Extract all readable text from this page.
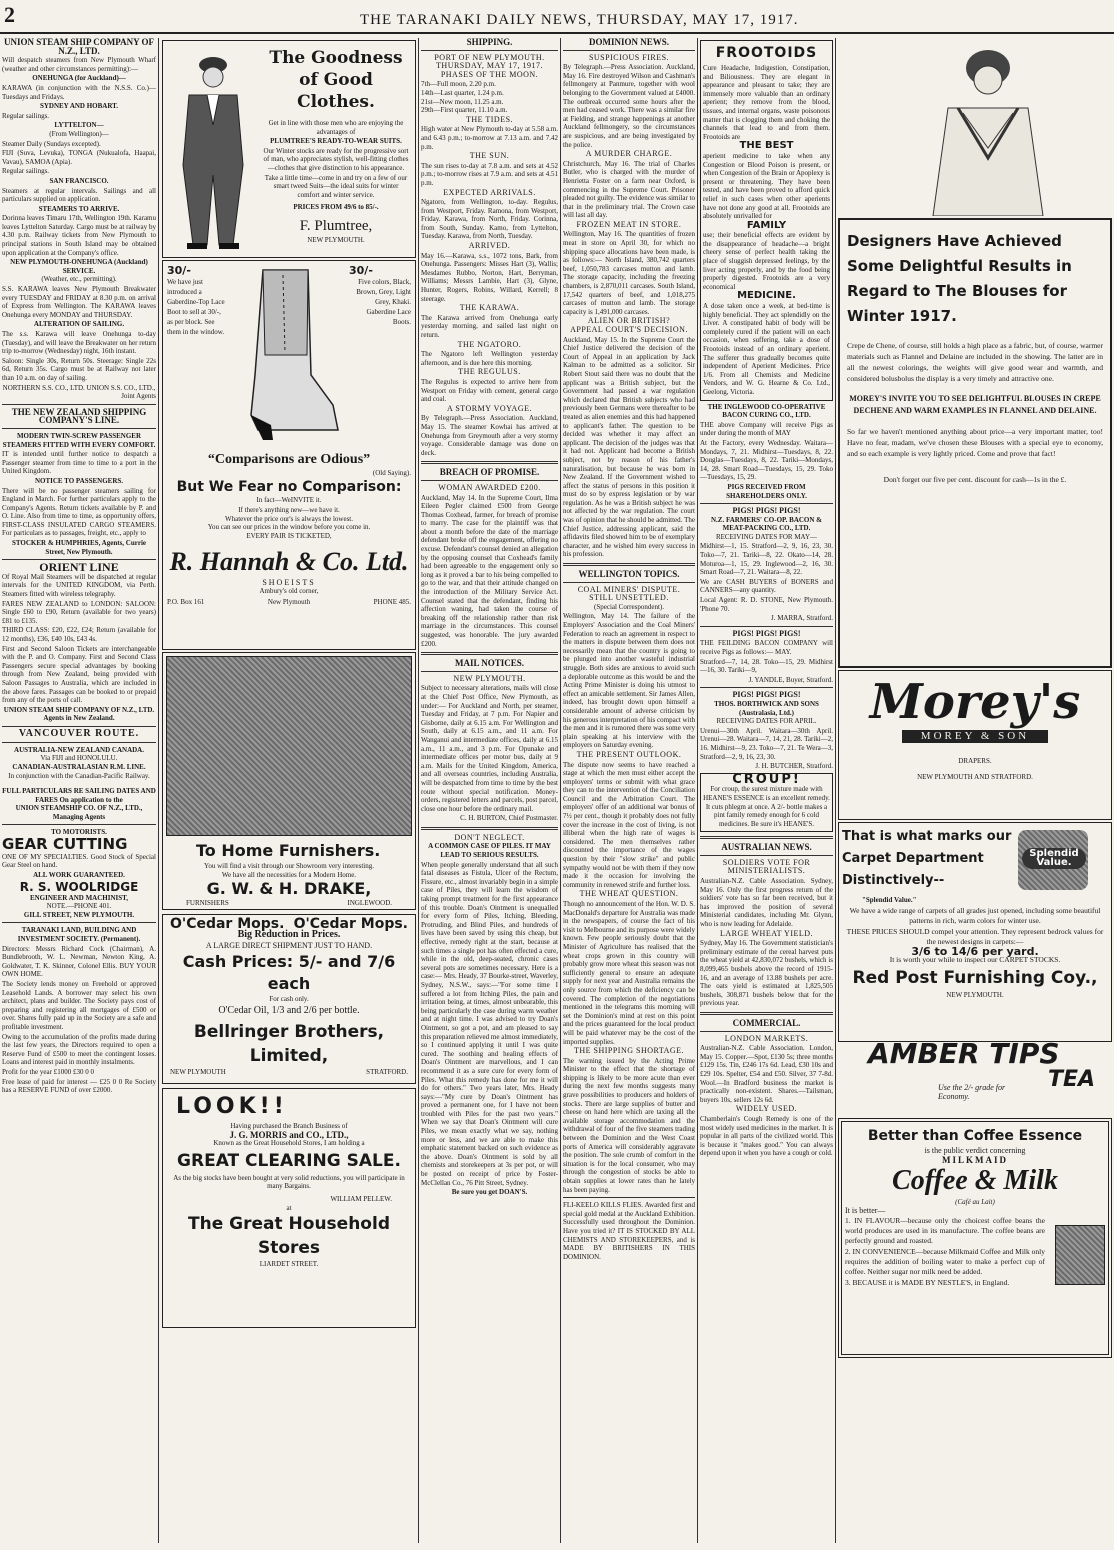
2	THE TARANAKI DAILY NEWS, THURSDAY, MAY 17, 1917.
UNION STEAM SHIP COMPANY OF N.Z., LTD.

Will despatch steamers from New Plymouth Wharf (weather and other circumstances permitting):—

ONEHUNGA (for Auckland)—

KARAWA (in conjunction with the N.S.S. Co.)—Tuesdays and Fridays.

SYDNEY AND HOBART.

Regular sailings.

LYTTELTON—
(From Wellington)—

Steamer Daily (Sundays excepted).

FIJI (Suva, Levuka), TONGA (Nukualofa, Haapai, Vavau), SAMOA (Apia).

Regular sailings.

SAN FRANCISCO.

Steamers at regular intervals. Sailings and all particulars supplied on application.

STEAMERS TO ARRIVE.

Dorinna leaves Timaru 17th, Wellington 19th. Karamu leaves Lyttelton Saturday. Cargo must be at railway by 4.30 p.m. Railway tickets from New Plymouth to principal stations in South Island may be obtained upon application at the Company's office.

NEW PLYMOUTH-ONEHUNGA (Auckland) SERVICE.
(Weather, etc., permitting).

S.S. KARAWA leaves New Plymouth Breakwater every TUESDAY and FRIDAY at 8.30 p.m. on arrival of Express from Wellington. The KARAWA leaves Onehunga every MONDAY and THURSDAY.

ALTERATION OF SAILING.

The s.s. Karawa will leave Onehunga to-day (Tuesday), and will leave the Breakwater on her return trip to-morrow (Wednesday) night, 16th instant.

Saloon: Single 30s, Return 50s. Steerage: Single 22s 6d, Return 35s. Cargo must be at Railway not later than 10 a.m. on day of sailing.

NORTHERN S.S. CO., LTD. UNION S.S. CO., LTD.,
Joint Agents
THE NEW ZEALAND SHIPPING COMPANY'S LINE.
MODERN TWIN-SCREW PASSENGER STEAMERS FITTED WITH EVERY COMFORT.

IT is intended until further notice to despatch a Passenger steamer from time to time to a port in the United Kingdom.

NOTICE TO PASSENGERS.

There will be no passenger steamers sailing for England in March. For further particulars apply to the Company's Agents. Return tickets available by P. and O. Line. Also from time to time, as opportunity offers, FIRST-CLASS INSULATED CARGO STEAMERS. For particulars as to passages, freight, etc., apply to

STOCKER & HUMPHRIES, Agents, Currie Street, New Plymouth.
ORIENT LINE

Of Royal Mail Steamers will be dispatched at regular intervals for the UNITED KINGDOM, via Perth. Steamers fitted with wireless telegraphy.

FARES NEW ZEALAND to LONDON: SALOON: Single £60 to £90, Return (available for two years) £81 to £135.

THIRD CLASS: £20, £22, £24; Return (available for 12 months), £36, £40 10s, £43 4s.

First and Second Saloon Tickets are interchangeable with the P. and O. Company. First and Second Class Passengers secure special advantages by booking through from New Zealand, being provided with Saloon Passages to Australia, which are included in the above fares. Passages can be booked to or prepaid from any of the ports of call.

UNION STEAM SHIP COMPANY OF N.Z., LTD. Agents in New Zealand.
VANCOUVER ROUTE.
AUSTRALIA-NEW ZEALAND CANADA.
Via FIJI and HONOLULU.
CANADIAN-AUSTRALASIAN R.M. LINE.

In conjunction with the Canadian-Pacific Railway.

FULL PARTICULARS RE SAILING DATES AND FARES On application to the
UNION STEAMSHIP CO. OF N.Z., LTD., Managing Agents
TO MOTORISTS.
GEAR CUTTING

ONE OF MY SPECIALTIES. Good Stock of Special Gear Steel on hand.

ALL WORK GUARANTEED.
R. S. WOOLRIDGE
ENGINEER AND MACHINIST,
NOTE.—PHONE 401.
GILL STREET, NEW PLYMOUTH.
TARANAKI LAND, BUILDING AND INVESTMENT SOCIETY. (Permanent).

Directors: Messrs Richard Cock (Chairman), A. Bundlebrooth, W. L. Newman, Newton King, A. Goldwater, T. K. Skinner, Colonel Ellis. BUY YOUR OWN HOME.

The Society lends money on Freehold or approved Leasehold Lands. A borrower may select his own architect, plans and builder. The Society pays cost of preparing and registering all mortgages of £500 or over. Shares fully paid up in the Society are a safe and profitable investment.

Owing to the accumulation of the profits made during the last few years, the Directors required to open a Reserve Fund of £500 to meet the contingent losses. Loans and interest paid in monthly instalments.

Profit for the year £1000 £30 0 0

Free lease of paid for interest — £25 0 0 Re Society has a RESERVE FUND of over £2000.

The Goodness of Good Clothes.

Get in line with those men who are enjoying the advantages of

PLUMTREE'S READY-TO-WEAR SUITS.

Our Winter stocks are ready for the progressive sort of man, who appreciates stylish, well-fitting clothes—clothes that give distinction to his appearance.

Take a little time—come in and try on a few of our smart tweed Suits—the ideal suits for winter comfort and winter service.

PRICES FROM 49/6 to 85/-.
F. Plumtree,
NEW PLYMOUTH.
30/-

We have just introduced a Gaberdine-Top Lace Boot to sell at 30/-, as per block. See them in the window.

30/-

Five colors, Black, Brown, Grey, Light Grey, Khaki. Gaberdine Lace Boots.

“Comparisons are Odious”
(Old Saying).
But We Fear no Comparison:
In fact—WeINVITE it.
If there's anything new—we have it.
Whatever the price our's is always the lowest.
You can see our prices in the window before you come in.
EVERY PAIR IS TICKETED,
R. Hannah & Co. Ltd.
SHOEISTS
Ambury's old corner,
P.O. Box 161	New Plymouth	PHONE 485.
To Home Furnishers.
You will find a visit through our Showroom very interesting.
We have all the necessities for a Modern Home.
G. W. & H. DRAKE,
FURNISHERS	INGLEWOOD.
O'Cedar Mops. O'Cedar Mops.
Big Reduction in Prices.
A LARGE DIRECT SHIPMENT JUST TO HAND.
Cash Prices: 5/- and 7/6 each
For cash only.
O'Cedar Oil, 1/3 and 2/6 per bottle.
Bellringer Brothers, Limited,
NEW PLYMOUTH	STRATFORD.
LOOK!!
Having purchased the Branch Business of
J. G. MORRIS and CO., LTD.,
Known as the Great Household Stores, I am holding a
GREAT CLEARING SALE.
As the big stocks have been bought at very solid reductions, you will participate in many Bargains.
WILLIAM PELLEW.
at
The Great Household Stores
LIARDET STREET.
SHIPPING.
PORT OF NEW PLYMOUTH.
THURSDAY, MAY 17, 1917.
PHASES OF THE MOON.

7th—Full moon, 2.20 p.m.
14th—Last quarter, 1.24 p.m.
21st—New moon, 11.25 a.m.
29th—First quarter, 11.10 a.m.

THE TIDES.

High water at New Plymouth to-day at 5.58 a.m. and 6.43 p.m.; to-morrow at 7.13 a.m. and 7.42 p.m.

THE SUN.

The sun rises to-day at 7.8 a.m. and sets at 4.52 p.m.; to-morrow rises at 7.9 a.m. and sets at 4.51 p.m.

EXPECTED ARRIVALS.

Ngatoro, from Wellington, to-day. Regulus, from Westport, Friday. Ramona, from Westport, Friday. Karawa, from North, Friday. Corinna, from South, Sunday. Kamo, from Lyttelton, Tuesday. Karawa, from North, Tuesday.

ARRIVED.

May 16.—Karawa, s.s., 1072 tons, Bark, from Onehunga. Passengers: Misses Hart (3), Wallis; Mesdames Rubbo, Norton, Hart, Berryman, Williams; Messrs Lambie, Hart (3), Glyne, Hunter, Rogers, Robins, Willard, Kerrell; 8 steerage.

THE KARAWA.

The Karawa arrived from Onehunga early yesterday morning, and sailed last night on return.

THE NGATORO.

The Ngatoro left Wellington yesterday afternoon, and is due here this morning.

THE REGULUS.

The Regulus is expected to arrive here from Westport on Friday with cement, general cargo and coal.

A STORMY VOYAGE.

By Telegraph.—Press Association. Auckland, May 15. The steamer Kowhai has arrived at Onehunga from Greymouth after a very stormy voyage. Considerable damage was done on deck.

BREACH OF PROMISE.
WOMAN AWARDED £200.

Auckland, May 14. In the Supreme Court, Ilma Eileen Pegler claimed £500 from George Thomas Coxhead, farmer, for breach of promise to marry. The case for the plaintiff was that about a month before the date of the marriage defendant broke off the engagement, offering no excuse. Defendant's counsel denied an allegation by the opposing counsel that Coxhead's family had been agreeable to the engagement only so long as it proved a bar to his being compelled to go to the war, and that their attitude changed on the introduction of the Military Service Act. Counsel stated that the defendant, finding his affection waning, had taken the course of breaking off the relationship rather than risk marriage in the circumstances. This counsel suggested, was honorable. The jury awarded £200.

MAIL NOTICES.
NEW PLYMOUTH.

Subject to necessary alterations, mails will close at the Chief Post Office, New Plymouth, as under:— For Auckland and North, per steamer, Tuesday and Friday, at 7 p.m. For Napier and Gisborne, daily at 6.15 a.m. For Wellington and South, daily at 6.15 a.m., and 11 a.m. For Wanganui and intermediate offices, daily at 6.15 a.m., 11 a.m., and 3 p.m. For Opunake and intermediate offices per motor bus, daily at 9 a.m. Mails for the United Kingdom, America, and all overseas countries, including Australia, will be despatched from time to time by the best route without special notification. Money-orders, registered letters and parcels, post parcel, close one hour before the ordinary mail.

C. H. BURTON, Chief Postmaster.
DON'T NEGLECT.
A COMMON CASE OF PILES. IT MAY LEAD TO SERIOUS RESULTS.

When people generally understand that all such fatal diseases as Fistula, Ulcer of the Rectum, Fissure, etc., almost invariably begin in a simple case of Piles, they will learn the wisdom of taking prompt treatment for the first appearance of this trouble. Doan's Ointment is unequalled for every form of Piles, Itching, Bleeding, Protruding, and Blind Piles, and hundreds of lives have been saved by using this cheap, but effective, remedy right at the start, because at such times a single pot has often effected a cure, while in the old, deep-seated, chronic cases several pots are sometimes necessary. Here is a case:— Mrs. Heady, 37 Bourke-street, Waverley, Sydney, N.S.W., says:—"For some time I suffered a lot from Itching Piles, the pain and irritation being, at times, almost unbearable, this being particularly the case during warm weather and at night time. I was advised to try Doan's Ointment, so got a pot, and am pleased to say this preparation relieved me almost immediately, so I continued applying it until I was quite cured. The soothing and healing effects of Doan's Ointment are marvellous, and I can recommend it as a sure cure for every form of Piles. What this remedy has done for me it will do for others." Two years later, Mrs. Heady says:—"My cure by Doan's Ointment has proved a permanent one, for I have not been troubled with Piles for the past two years." When we say that Doan's Ointment will cure Piles, we mean exactly what we say, nothing more or less, and we are able to make this emphatic statement backed on such evidence as the above. Doan's Ointment is sold by all chemists and storekeepers at 3s per pot, or will be posted on receipt of price by Foster-McClellan Co., 76 Pitt Street, Sydney.

Be sure you get DOAN'S.
DOMINION NEWS.
SUSPICIOUS FIRES.

By Telegraph.—Press Association. Auckland, May 16. Fire destroyed Wilson and Cashman's fellmongery at Panmure, together with wool belonging to the Government valued at £4000. The outbreak occurred some hours after the men had ceased work. There was a similar fire at Fielding, and strange happenings at another Auckland fellmongery, so the circumstances are suspicious, and are being investigated by the police.

A MURDER CHARGE.

Christchurch, May 16. The trial of Charles Butler, who is charged with the murder of Henrietta Foster on a farm near Oxford, is commencing in the Supreme Court. Prisoner pleaded not guilty. The evidence was similar to that in the preliminary trial. The Crown case will last all day.

FROZEN MEAT IN STORE.

Wellington, May 16. The quantities of frozen meat in store on April 30, for which no shipping space allocations have been made, is as follows:— North Island, 380,742 quarters beef, 1,050,783 carcases mutton and lamb. The storage capacity, including the freezing chambers, is 2,870,011 carcases. South Island, 17,542 quarters of beef, and 1,018,275 carcases of mutton and lamb. The storage capacity is 1,491,000 carcases.

ALIEN OR BRITISH?
APPEAL COURT'S DECISION.

Auckland, May 15. In the Supreme Court the Chief Justice delivered the decision of the Court of Appeal in an application by Jack Kalman to be admitted as a solicitor. Sir Robert Stout said there was no doubt that the applicant was a British subject, but the Government had passed a war regulation which declared that British subjects who had previously been Germans were thereafter to be treated as alien enemies and this had happened to applicant's father. The question to be decided was whether it may affect an applicant. The decision of the judges was that it had not. Applicant had become a British subject, not by reason of his father's naturalisation, but because he was born in New Zealand. If the Government wished to affect the status of persons in this position it must do so by express legislation or by war regulation. As he was a British subject he was not affected by the war regulation. The court was of opinion that he should be admitted. The Chief Justice, addressing applicant, said the affidavits filed showed him to be of exemplary character, and he wished him every success in his profession.

WELLINGTON TOPICS.
COAL MINERS' DISPUTE.
STILL UNSETTLED.
(Special Correspondent).

Wellington, May 14. The failure of the Employers' Association and the Coal Miners' Federation to reach an agreement in respect to the matters in dispute between them does not necessarily mean that the country is going to be plunged into another wasteful industrial struggle. Both sides are anxious to avoid such a deplorable outcome as this would be and the Acting Prime Minister is doing his utmost to effect an amicable settlement. Sir James Allen, indeed, has brought down upon himself a considerable amount of adverse criticism by his generous interpretation of his compact with the men and it is rumored there was some very plain speaking at his interview with the employers on Saturday evening.

THE PRESENT OUTLOOK.

The dispute now seems to have reached a stage at which the men must either accept the employers' terms or submit with what grace they can to the intervention of the Conciliation Council and the Arbitration Court. The employers' offer of an additional war bonus of 7½ per cent., though it probably does not fully cover the increase in the cost of living, is not illiberal when the high rate of wages is considered. The men themselves rather discounted the importance of the wages question by their "slow strike" and public sympathy would not be with them if they now made it the occasion for involving the community in renewed strife and further loss.

THE WHEAT QUESTION.

Though no announcement of the Hon. W. D. S. MacDonald's departure for Australia was made in the newspapers, of course the fact of his visit to Melbourne and its purpose were widely known. Few people seriously doubt that the Minister of Agriculture has realised that the wheat crops grown in this country will probably grow more wheat this season was not sufficiently general to ensure an adequate supply for next year and Australia remains the only source from which the deficiency can be covered. The completion of the negotiations mentioned in the telegrams this morning will set the Dominion's mind at rest on this point and the prices guaranteed for the local product will be paid whatever may be the cost of the imported supplies.

THE SHIPPING SHORTAGE.

The warning issued by the Acting Prime Minister to the effect that the shortage of shipping is likely to be more acute than ever during the next few months suggests many grave possibilities to producers and holders of stocks. There are large supplies of butter and cheese on hand here which are taxing all the available storage accommodation and the withdrawal of four of the five steamers trading between the Dominion and the West Coast ports of America will considerably aggravate the position. The sole crumb of comfort in the situation is for the local consumer, who may through the congestion of stocks be able to obtain supplies at lower rates than he lately has been paying.

FLI-KEELO KILLS FLIES. Awarded first and special gold medal at the Auckland Exhibition. Successfully used throughout the Dominion. Have you tried it? IT IS STOCKED BY ALL CHEMISTS AND STOREKEEPERS, and is MADE BY BRITISHERS IN THIS DOMINION.

FROOTOIDS

Cure Headache, Indigestion, Constipation, and Biliousness. They are elegant in appearance and pleasant to take; they are immensely more valuable than an ordinary aperient; they remove from the blood, tissues, and internal organs, waste poisonous matter that is clogging them and choking the channels that lead to and from them. Frootoids are

THE BEST

aperient medicine to take when any Congestion or Blood Poison is present, or when Congestion of the Brain or Apoplexy is present or threatening. They have been tested, and have been proved to afford quick relief in such cases when other aperients have not done any good at all. Frootoids are absolutely unrivalled for

FAMILY

use; their beneficial effects are evident by the disappearance of headache—a bright cheery sense of perfect health taking the place of sluggish depressed feelings, by the liver acting properly, and by the food being properly digested. Frootoids are a very economical

MEDICINE.

A dose taken once a week, at bed-time is highly beneficial. They act splendidly on the Liver. A constipated habit of body will be completely cured if the patient will on each occasion, when suffering, take a dose of Frootoids instead of an ordinary aperient. The sufferer thus gradually becomes quite independent of Aperient Medicines. Price 1/6. From all Chemists and Medicine Vendors, and W. G. Hearne & Co. Ltd., Geelong, Victoria.

THE INGLEWOOD CO-OPERATIVE BACON CURING CO., LTD.

THE above Company will receive Pigs as under during the month of MAY

At the Factory, every Wednesday. Waitara—Mondays, 7, 21. Midhirst—Tuesdays, 8, 22. Douglas—Tuesdays, 8, 22. Tariki—Mondays, 14, 28. Smart Road—Tuesdays, 15, 29. Toko—Tuesdays, 15, 29.

PIGS RECEIVED FROM SHAREHOLDERS ONLY.
PIGS! PIGS! PIGS!
N.Z. FARMERS' CO-OP. BACON & MEAT-PACKING CO., LTD.
RECEIVING DATES FOR MAY—

Midhirst—1, 15. Stratford—2, 9, 16, 23, 30. Toko—7, 21. Tariki—8, 22. Okato—14, 28. Moturoa—1, 15, 29. Inglewood—2, 16, 30. Smart Road—7, 21. Waitara—8, 22.

We are CASH BUYERS of BONERS and CANNERS—any quantity.

Local Agent: R. D. STONE, New Plymouth. 'Phone 70.

J. MARRA, Stratford.
PIGS! PIGS! PIGS!

THE FEILDING BACON COMPANY will receive Pigs as follows:— MAY.

Stratford—7, 14, 28. Toko—15, 29. Midhirst—16, 30. Tariki—9,

J. YANDLE, Buyer, Stratford.
PIGS! PIGS! PIGS!
THOS. BORTHWICK AND SONS (Australasia, Ltd.)
RECEIVING DATES FOR APRIL.

Urenui—30th April. Waitara—30th April. Urenui—28. Waitara—7, 14, 21, 28. Tariki—2, 16. Midhirst—9, 23. Toko—7, 21. Te Wera—3, Stratford—2, 9, 16, 23, 30.

J. H. BUTCHER, Stratford.
CROUP!

For croup, the surest mixture made with HEANE'S ESSENCE is an excellent remedy. It cuts phlegm at once. A 2/- bottle makes a pint family remedy enough for 6 cold medicines. Be sure it's HEANE'S.

AUSTRALIAN NEWS.
SOLDIERS VOTE FOR MINISTERIALISTS.

Australian-N.Z. Cable Association. Sydney, May 16. Only the first progress return of the soldiers' vote has so far been received, but it has improved the position of several Ministerial candidates, including Mr. Glynn, who is now leading for Adelaide.

LARGE WHEAT YIELD.

Sydney, May 16. The Government statistician's preliminary estimate of the cereal harvest puts the wheat yield at 42,830,072 bushels, which is 8,099,465 bushels above the record of 1915-16, and an average of 13.88 bushels per acre. The oats yield is estimated at 1,825,505 bushels, 308,871 bushels below that for the previous year.

COMMERCIAL.
LONDON MARKETS.

Australian-N.Z. Cable Association. London, May 15. Copper.—Spot, £130 5s; three months £129 15s. Tin, £246 17s 6d. Lead, £30 10s and £29 10s. Spelter, £54 and £50. Silver, 37 7-8d. Wool.—In Bradford business the market is practically non-existent. Shares.—Tailsman, buyers 10s, sellers 12s 6d.

WIDELY USED.

Chamberlain's Cough Remedy is one of the most widely used medicines in the market. It is popular in all parts of the civilized world. This is because it "makes good." You can always depend upon it when you have a cough or cold.

Designers Have Achieved Some Delightful Results in Regard to The Blouses for Winter 1917.

Crepe de Chene, of course, still holds a high place as a fabric, but, of course, warmer materials such as Flannel and Delaine are included in the showing. The latter are in all the newest colorings, the weights will give good wear and warmth, and considered bolusbolus the display is a very timely and attractive one.

MOREY'S INVITE YOU TO SEE DELIGHTFUL BLOUSES IN CREPE DECHENE AND WARM EXAMPLES IN FLANNEL AND DELAINE.

So far we haven't mentioned anything about price—a very important matter, too! Have no fear, madam, we've chosen these Blouses with a special eye to economy, and so each example is very lightly priced. Come and prove that fact!

Don't forget our five per cent. discount for cash—1s in the £.
Morey's
MOREY & SON
DRAPERS.
NEW PLYMOUTH AND STRATFORD.
That is what marks our Carpet Department Distinctively--
Splendid Value.
"Splendid Value."

We have a wide range of carpets of all grades just opened, including some beautiful patterns in rich, warm colors for winter use.

THESE PRICES SHOULD compel your attention. They represent bedrock values for the newest designs in carpets:—

3/6 to 14/6 per yard.
It is worth your while to inspect our CARPET STOCKS.
Red Post Furnishing Coy.,
NEW PLYMOUTH.
AMBER TIPS
TEA
Use the 2/- grade for Economy.
Better than Coffee Essence
is the public verdict concerning
MILKMAID
Coffee & Milk
(Café au Lait)
It is better—

1. IN FLAVOUR—because only the choicest coffee beans the world produces are used in its manufacture. The coffee beans are perfectly ground and roasted.

2. IN CONVENIENCE—because Milkmaid Coffee and Milk only requires the addition of boiling water to make a perfect cup of coffee. Neither sugar nor milk need be added.

3. BECAUSE it is MADE BY NESTLE'S, in England.
